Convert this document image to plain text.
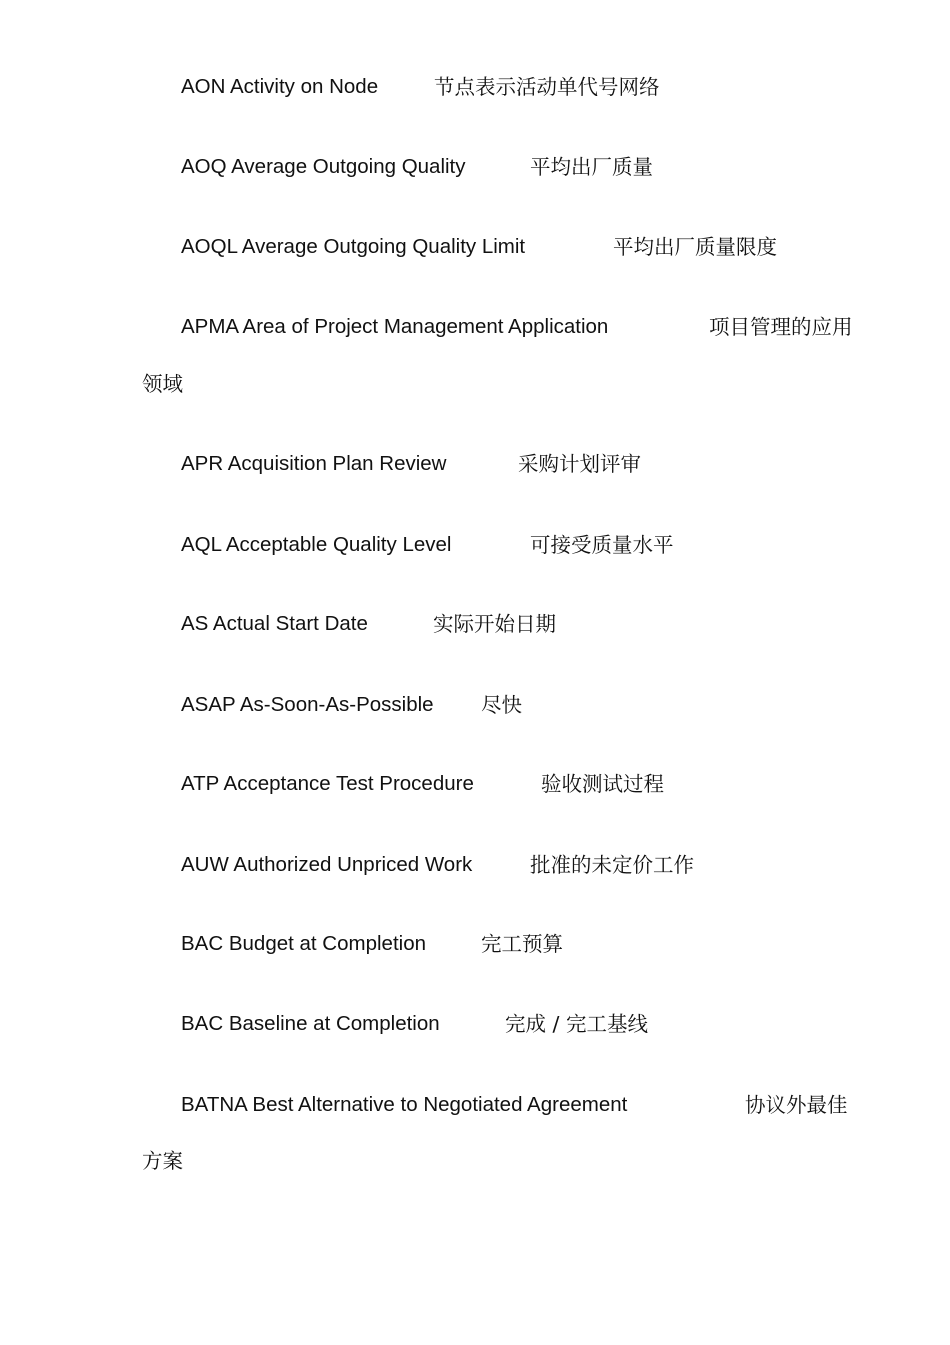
AON Activity on Node	节点表示活动单代号网络
AOQ Average Outgoing Quality	平均出厂质量
AOQL Average Outgoing Quality Limit	平均出厂质量限度
APMA Area of Project Management Application	项目管理的应用
领域
APR Acquisition Plan Review	采购计划评审
AQL Acceptable Quality Level	可接受质量水平
AS Actual Start Date	实际开始日期
ASAP As-Soon-As-Possible 尽快
ATP Acceptance Test Procedure	验收测试过程
AUW Authorized Unpriced Work	批准的未定价工作
BAC Budget at Completion	完工预算
BAC Baseline at Completion	完成 / 完工基线
BATNA Best Alternative to Negotiated Agreement	协议外最佳
方案
